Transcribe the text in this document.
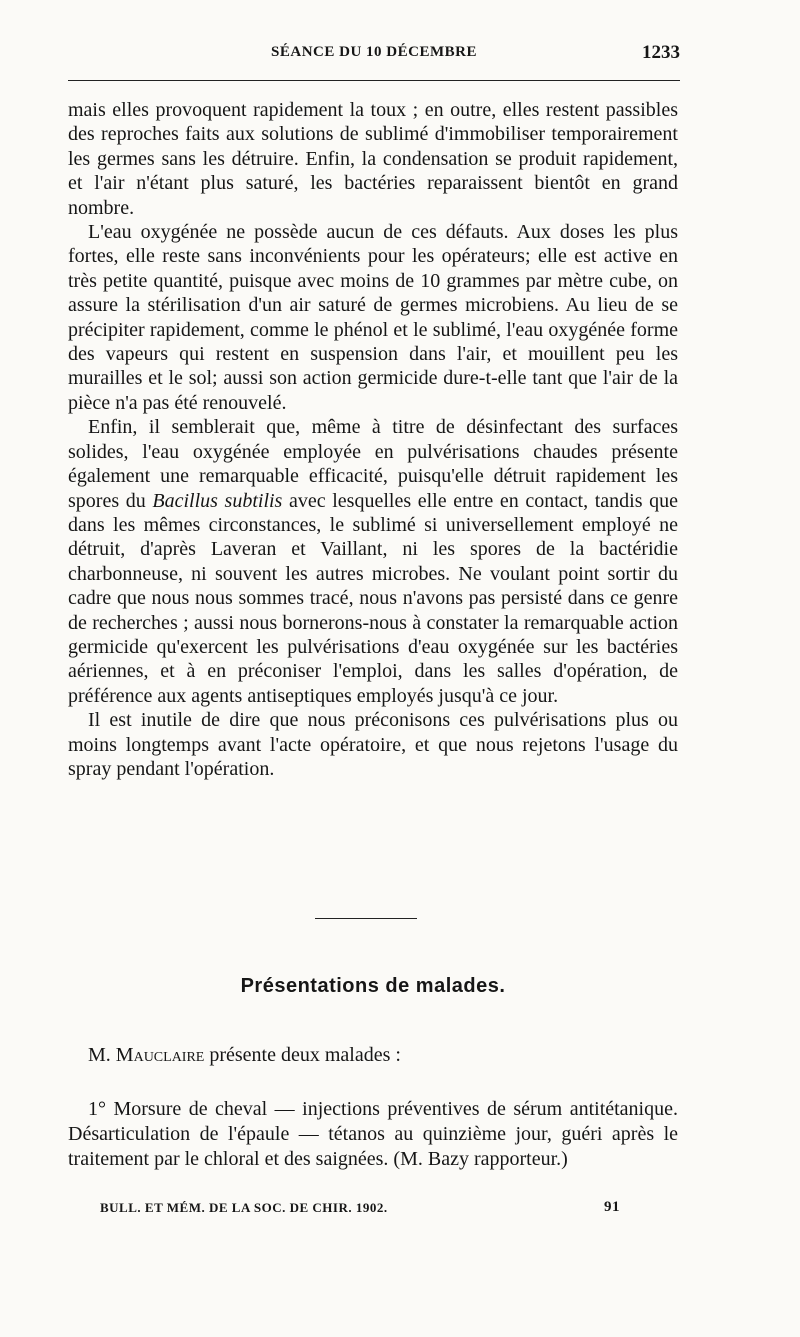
SÉANCE DU 10 DÉCEMBRE	1233

mais elles provoquent rapidement la toux ; en outre, elles restent passibles des reproches faits aux solutions de sublimé d'immobiliser temporairement les germes sans les détruire. Enfin, la condensation se produit rapidement, et l'air n'étant plus saturé, les bactéries reparaissent bientôt en grand nombre.

L'eau oxygénée ne possède aucun de ces défauts. Aux doses les plus fortes, elle reste sans inconvénients pour les opérateurs; elle est active en très petite quantité, puisque avec moins de 10 grammes par mètre cube, on assure la stérilisation d'un air saturé de germes microbiens. Au lieu de se précipiter rapidement, comme le phénol et le sublimé, l'eau oxygénée forme des vapeurs qui restent en suspension dans l'air, et mouillent peu les murailles et le sol; aussi son action germicide dure-t-elle tant que l'air de la pièce n'a pas été renouvelé.

Enfin, il semblerait que, même à titre de désinfectant des surfaces solides, l'eau oxygénée employée en pulvérisations chaudes présente également une remarquable efficacité, puisqu'elle détruit rapidement les spores du Bacillus subtilis avec lesquelles elle entre en contact, tandis que dans les mêmes circonstances, le sublimé si universellement employé ne détruit, d'après Laveran et Vaillant, ni les spores de la bactéridie charbonneuse, ni souvent les autres microbes. Ne voulant point sortir du cadre que nous nous sommes tracé, nous n'avons pas persisté dans ce genre de recherches ; aussi nous bornerons-nous à constater la remarquable action germicide qu'exercent les pulvérisations d'eau oxygénée sur les bactéries aériennes, et à en préconiser l'emploi, dans les salles d'opération, de préférence aux agents antiseptiques employés jusqu'à ce jour.

Il est inutile de dire que nous préconisons ces pulvérisations plus ou moins longtemps avant l'acte opératoire, et que nous rejetons l'usage du spray pendant l'opération.

Présentations de malades.
M. Mauclaire présente deux malades :

1° Morsure de cheval — injections préventives de sérum antitétanique. Désarticulation de l'épaule — tétanos au quinzième jour, guéri après le traitement par le chloral et des saignées. (M. Bazy rapporteur.)

BULL. ET MÉM. DE LA SOC. DE CHIR. 1902.	91
